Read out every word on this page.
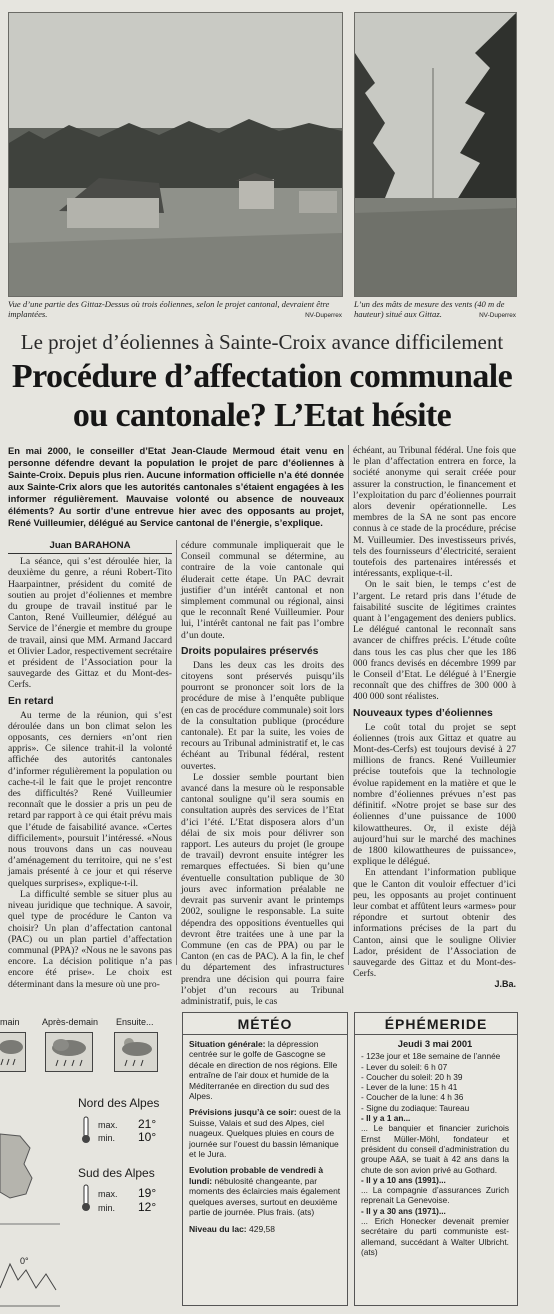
Vue d’une partie des Gittaz-Dessus où trois éoliennes, selon le projet cantonal, devraient être implantées.	NV-Duperrex
L’un des mâts de mesure des vents (40 m de hauteur) situé aux Gittaz.	NV-Duperrex
Le projet d’éoliennes à Sainte-Croix avance difficilement
Procédure d’affectation communale
ou cantonale? L’Etat hésite
En mai 2000, le conseiller d’Etat Jean-Claude Mermoud était venu en personne défendre devant la population le projet de parc d’éoliennes à Sainte-Croix. Depuis plus rien. Aucune information officielle n’a été donnée aux Sainte-Crix alors que les autorités cantonales s’étaient engagées à les informer régulièrement. Mauvaise volonté ou absence de nouveaux éléments? Au sortir d’une entrevue hier avec des opposants au projet, René Vuilleumier, délégué au Service cantonal de l’énergie, s’explique.
Juan BARAHONA

La séance, qui s’est déroulée hier, la deuxième du genre, a réuni Robert-Tito Haarpaintner, président du comité de soutien au projet d’éoliennes et membre du groupe de travail institué par le Canton, René Vuilleumier, délégué au Service de l’énergie et membre du groupe de travail, ainsi que MM. Armand Jaccard et Olivier Lador, respectivement secrétaire et président de l’Association pour la sauvegarde des Gittaz et du Mont-des-Cerfs.

En retard

Au terme de la réunion, qui s’est déroulée dans un bon climat selon les opposants, ces derniers «n’ont rien appris». Ce silence trahit-il la volonté affichée des autorités cantonales d’informer régulièrement la population ou cache-t-il le fait que le projet rencontre des difficultés? René Vuilleumier reconnaît que le dossier a pris un peu de retard par rapport à ce qui était prévu mais que l’étude de faisabilité avance. «Certes difficilement», poursuit l’intéressé. «Nous nous trouvons dans un cas nouveau d’aménagement du territoire, qui ne s’est jamais présenté à ce jour et qui réserve quelques surprises», explique-t-il.

La difficulté semble se situer plus au niveau juridique que technique. A savoir, quel type de procédure le Canton va choisir? Un plan d’affectation cantonal (PAC) ou un plan partiel d’affectation communal (PPA)? «Nous ne le savons pas encore. La décision politique n’a pas encore été prise». Le choix est déterminant dans la mesure où une pro-

cédure communale impliquerait que le Conseil communal se détermine, au contraire de la voie cantonale qui éluderait cette étape. Un PAC devrait justifier d’un intérêt cantonal et non simplement communal ou régional, ainsi que le reconnaît René Vuilleumier. Pour lui, l’intérêt cantonal ne fait pas l’ombre d’un doute.

Droits populaires préservés

Dans les deux cas les droits des citoyens sont préservés puisqu’ils pourront se prononcer soit lors de la procédure de mise à l’enquête publique (en cas de procédure communale) soit lors de la consultation publique (procédure cantonale). Et par la suite, les voies de recours au Tribunal administratif et, le cas échéant au Tribunal fédéral, restent ouvertes.

Le dossier semble pourtant bien avancé dans la mesure où le responsable cantonal souligne qu’il sera soumis en consultation auprès des services de l’Etat d’ici l’été. L’Etat disposera alors d’un délai de six mois pour délivrer son rapport. Les auteurs du projet (le groupe de travail) devront ensuite intégrer les remarques effectuées. Si bien qu’une éventuelle consultation publique de 30 jours avec information préalable ne devrait pas survenir avant le printemps 2002, souligne le responsable. La suite dépendra des oppositions éventuelles qui devront être traitées une à une par la Commune (en cas de PPA) ou par le Canton (en cas de PAC). A la fin, le chef du département des infrastructures prendra une décision qui pourra faire l’objet d’un recours au Tribunal administratif, puis, le cas

échéant, au Tribunal fédéral. Une fois que le plan d’affectation entrera en force, la société anonyme qui serait créée pour assurer la construction, le financement et l’exploitation du parc d’éoliennes pourrait alors devenir opérationnelle. Les membres de la SA ne sont pas encore connus à ce stade de la procédure, précise M. Vuilleumier. Des investisseurs privés, tels des fournisseurs d’électricité, seraient toutefois des partenaires intéressés et intéressants, explique-t-il.

On le sait bien, le temps c’est de l’argent. Le retard pris dans l’étude de faisabilité suscite de légitimes craintes quant à l’engagement des deniers publics. Le délégué cantonal le reconnaît sans avancer de chiffres précis. L’étude coûte dans tous les cas plus cher que les 186 000 francs devisés en décembre 1999 par le Conseil d’Etat. Le délégué à l’Energie reconnaît que des chiffres de 300 000 à 400 000 sont réalistes.

Nouveaux types d’éoliennes

Le coût total du projet se sept éoliennes (trois aux Gittaz et quatre au Mont-des-Cerfs) est toujours devisé à 27 millions de francs. René Vuilleumier précise toutefois que la technologie évolue rapidement en la matière et que le nombre d’éoliennes prévues n’est pas définitif. «Notre projet se base sur des éoliennes d’une puissance de 1000 kilowattheures. Or, il existe déjà aujourd’hui sur le marché des machines de 1800 kilowattheures de puissance», explique le délégué.

En attendant l’information publique que le Canton dit vouloir effectuer d’ici peu, les opposants au projet continuent leur combat et affûtent leurs «armes» pour répondre et surtout obtenir des informations précises de la part du Canton, ainsi que le souligne Olivier Lador, président de l’Association de sauvegarde des Gittaz et du Mont-des-Cerfs.

J.Ba.
main Après-demain Ensuite...
Nord des Alpes
max. 21°
min. 10°
Sud des Alpes
max. 19°
min. 12°
0°
MÉTÉO

Situation générale: la dépression centrée sur le golfe de Gascogne se décale en direction de nos régions. Elle entraîne de l’air doux et humide de la Méditerranée en direction du sud des Alpes.

Prévisions jusqu’à ce soir: ouest de la Suisse, Valais et sud des Alpes, ciel nuageux. Quelques pluies en cours de journée sur l’ouest du bassin lémanique et le Jura.

Evolution probable de vendredi à lundi: nébulosité changeante, par moments des éclaircies mais également quelques averses, surtout en deuxième partie de journée. Plus frais. (ats)

Niveau du lac: 429,58

ÉPHÉMERIDE
Jeudi 3 mai 2001
- 123e jour et 18e semaine de l’année
- Lever du soleil: 6 h 07
- Coucher du soleil: 20 h 39
- Lever de la lune: 15 h 41
- Coucher de la lune: 4 h 36
- Signe du zodiaque: Taureau
- Il y a 1 an...
... Le banquier et financier zurichois Ernst Müller-Möhl, fondateur et président du conseil d’administration du groupe A&A, se tuait à 42 ans dans la chute de son avion privé au Gothard.
- Il y a 10 ans (1991)...
... La compagnie d’assurances Zurich reprenait La Genevoise.
- Il y a 30 ans (1971)...
... Erich Honecker devenait premier secrétaire du parti communiste est-allemand, succédant à Walter Ulbricht. (ats)
